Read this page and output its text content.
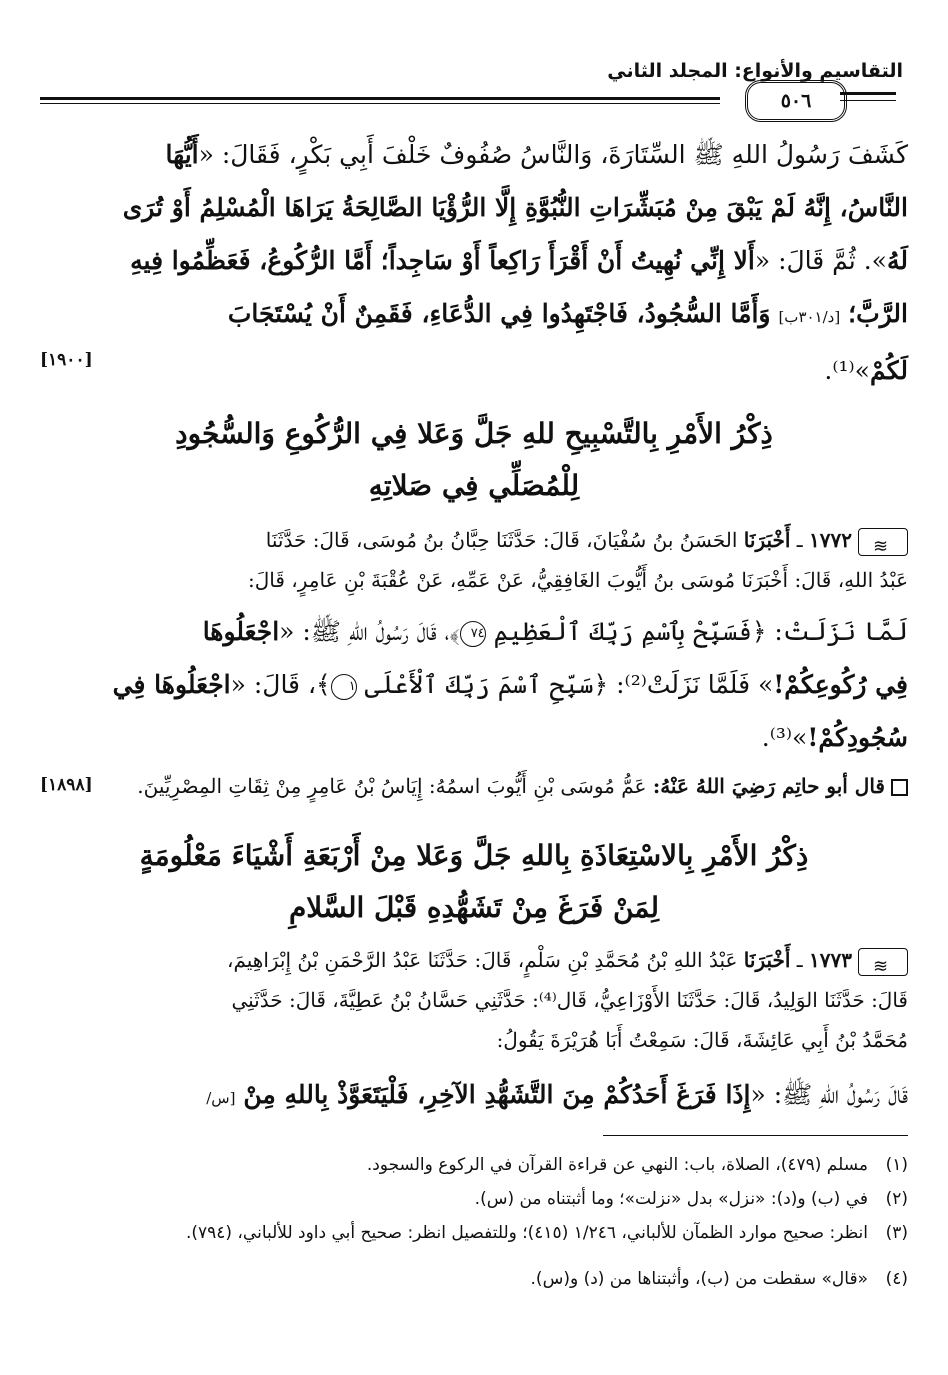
التقاسيم والأنواع: المجلد الثاني
٥٠٦
كَشَفَ رَسُولُ اللهِ ﷺ السِّتَارَةَ، وَالنَّاسُ صُفُوفٌ خَلْفَ أَبِي بَكْرٍ، فَقَالَ: «أَيُّهَا
النَّاسُ، إِنَّهُ لَمْ يَبْقَ مِنْ مُبَشِّرَاتِ النُّبُوَّةِ إِلَّا الرُّؤْيَا الصَّالِحَةُ يَرَاهَا الْمُسْلِمُ أَوْ تُرَى
لَهُ». ثُمَّ قَالَ: «أَلا إِنِّي نُهِيتُ أَنْ أَقْرَأَ رَاكِعاً أَوْ سَاجِداً؛ أَمَّا الرُّكُوعُ، فَعَظِّمُوا فِيهِ
الرَّبَّ؛ [د/٣٠١ب] وَأَمَّا السُّجُودُ، فَاجْتَهِدُوا فِي الدُّعَاءِ، فَقَمِنٌ أَنْ يُسْتَجَابَ
لَكُمْ»⁽¹⁾.
[١٩٠٠]
ذِكْرُ الأَمْرِ بِالتَّسْبِيحِ للهِ جَلَّ وَعَلا فِي الرُّكُوعِ وَالسُّجُودِ
لِلْمُصَلِّي فِي صَلاتِهِ
≋١٧٧٢ ـ أَخْبَرَنَا الحَسَنُ بنُ سُفْيَانَ، قَالَ: حَدَّثَنَا حِبَّانُ بنُ مُوسَى، قَالَ: حَدَّثَنَا
عَبْدُ اللهِ، قَالَ: أَخْبَرَنَا مُوسَى بنُ أَيُّوبَ الغَافِقِيُّ، عَنْ عَمِّهِ، عَنْ عُقْبَةَ بْنِ عَامِرٍ، قَالَ:
لَمَّا نَزَلَتْ: ﴿فَسَبِّحْ بِٱسْمِ رَبِّكَ ٱلْعَظِيمِ ٧٤﴾، قَالَ رَسُولُ اللهِ ﷺ: «اجْعَلُوهَا
فِي رُكُوعِكُمْ!» فَلَمَّا نَزَلَتْ⁽²⁾: ﴿سَبِّحِ ٱسْمَ رَبِّكَ ٱلْأَعْلَى ١﴾، قَالَ: «اجْعَلُوهَا فِي
سُجُودِكُمْ!»⁽³⁾.
قال أبو حاتِم رَضِيَ اللهُ عَنْهُ: عَمُّ مُوسَى بْنِ أَيُّوبَ اسمُهُ: إِيَاسُ بْنُ عَامِرٍ مِنْ ثِقَاتِ المِصْرِيِّينَ.
[١٨٩٨]
ذِكْرُ الأَمْرِ بِالاسْتِعَاذَةِ بِاللهِ جَلَّ وَعَلا مِنْ أَرْبَعَةِ أَشْيَاءَ مَعْلُومَةٍ
لِمَنْ فَرَغَ مِنْ تَشَهُّدِهِ قَبْلَ السَّلامِ
≋١٧٧٣ ـ أَخْبَرَنَا عَبْدُ اللهِ بْنُ مُحَمَّدِ بْنِ سَلْمٍ، قَالَ: حَدَّثَنَا عَبْدُ الرَّحْمَنِ بْنُ إِبْرَاهِيمَ،
قَالَ: حَدَّثَنَا الوَلِيدُ، قَالَ: حَدَّثَنَا الأَوْزَاعِيُّ، قَال⁽⁴⁾: حَدَّثَنِي حَسَّانُ بْنُ عَطِيَّةَ، قَالَ: حَدَّثَنِي
مُحَمَّدُ بْنُ أَبِي عَائِشَةَ، قَالَ: سَمِعْتُ أَبَا هُرَيْرَةَ يَقُولُ:
قَالَ رَسُولُ اللهِ ﷺ: «إِذَا فَرَغَ أَحَدُكُمْ مِنَ التَّشَهُّدِ الآخِرِ، فَلْيَتَعَوَّذْ بِاللهِ مِنْ [س/
(١)مسلم (٤٧٩)، الصلاة، باب: النهي عن قراءة القرآن في الركوع والسجود.
(٢)في (ب) و(د): «نزل» بدل «نزلت»؛ وما أثبتناه من (س).
(٣)انظر: صحيح موارد الظمآن للألباني، ١/٢٤٦ (٤١٥)؛ وللتفصيل انظر: صحيح أبي داود للألباني، (٧٩٤).
(٤)«قال» سقطت من (ب)، وأثبتناها من (د) و(س).
